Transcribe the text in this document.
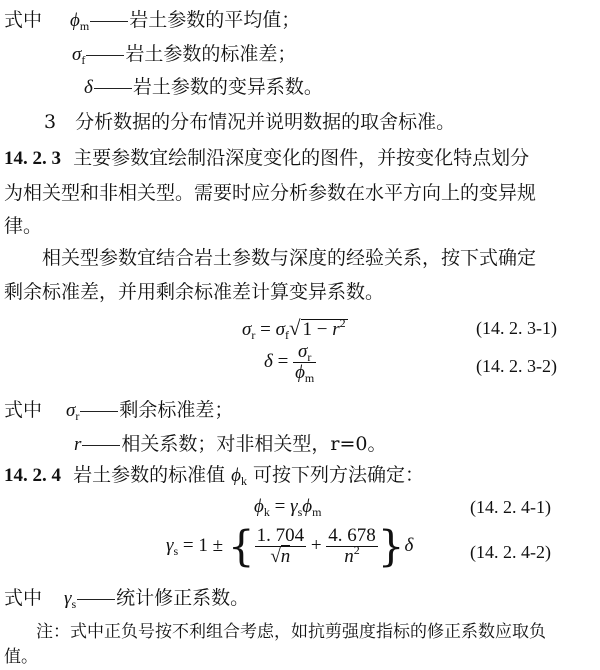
式中 $\phi_m$ 岩土参数的平均值；
$\sigma_f$ 岩土参数的标准差；
δ 岩土参数的变异系数。
3　分析数据的分布情况并说明数据的取舍标准。
14. 2. 3 主要参数宜绘制沿深度变化的图件，并按变化特点划分
为相关型和非相关型。需要时应分析参数在水平方向上的变异规
律。
相关型参数宜结合岩土参数与深度的经验关系，按下式确定
剩余标准差，并用剩余标准差计算变异系数。
$\sigma_r = \sigma_f√$ $1 - r^2$	(14. 2. 3-1)
$\delta = \frac{\sigma_r}{\phi_m}$	(14. 2. 3-2)
式中 $\sigma_r$ 剩余标准差；
r 相关系数；对非相关型，r=0。
14. 2. 4 岩土参数的标准值 $\phi_k$ 可按下列方法确定：
$\phi_k = \gamma_s\phi_m$	(14. 2. 4-1)
$\gamma_s = 1$ ± { $\frac{1. 704}{√n} + \frac{4. 678}{n^2} \}\delta$	(14. 2. 4-2)
式中 $\gamma_s$ 统计修正系数。
注：式中正负号按不利组合考虑，如抗剪强度指标的修正系数应取负
值。
